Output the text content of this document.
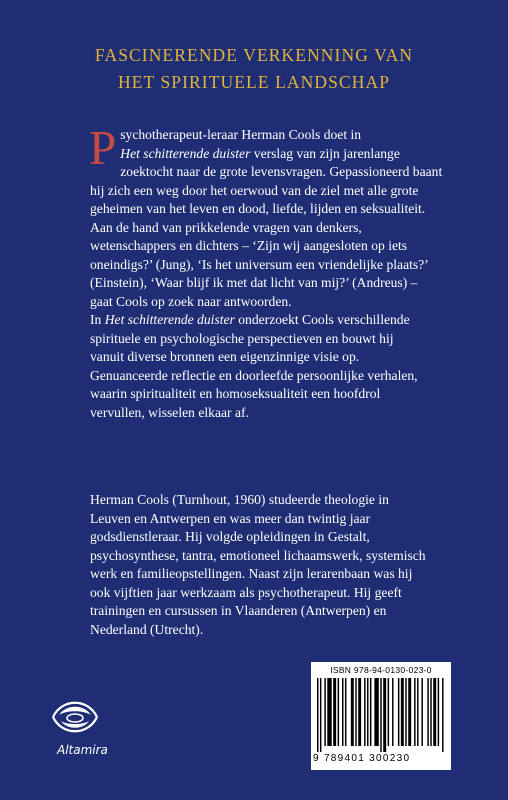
FASCINERENDE VERKENNING VAN
HET SPIRITUELE LANDSCHAP
P sychotherapeut-leraar Herman Cools doet in
Het schitterende duister verslag van zijn jarenlange
zoektocht naar de grote levensvragen. Gepassioneerd baant
hij zich een weg door het oerwoud van de ziel met alle grote
geheimen van het leven en dood, liefde, lijden en seksualiteit.
Aan de hand van prikkelende vragen van denkers,
wetenschappers en dichters – ‘Zijn wij aangesloten op iets
oneindigs?’ (Jung), ‘Is het universum een vriendelijke plaats?’
(Einstein), ‘Waar blijf ik met dat licht van mij?’ (Andreus) –
gaat Cools op zoek naar antwoorden.
In Het schitterende duister onderzoekt Cools verschillende
spirituele en psychologische perspectieven en bouwt hij
vanuit diverse bronnen een eigenzinnige visie op.
Genuanceerde reflectie en doorleefde persoonlijke verhalen,
waarin spiritualiteit en homoseksualiteit een hoofdrol
vervullen, wisselen elkaar af.
Herman Cools (Turnhout, 1960) studeerde theologie in
Leuven en Antwerpen en was meer dan twintig jaar
godsdienstleraar. Hij volgde opleidingen in Gestalt,
psychosynthese, tantra, emotioneel lichaamswerk, systemisch
werk en familieopstellingen. Naast zijn lerarenbaan was hij
ook vijftien jaar werkzaam als psychotherapeut. Hij geeft
trainingen en cursussen in Vlaanderen (Antwerpen) en
Nederland (Utrecht).
Altamira
ISBN 978-94-0130-023-0
9 789401 300230
